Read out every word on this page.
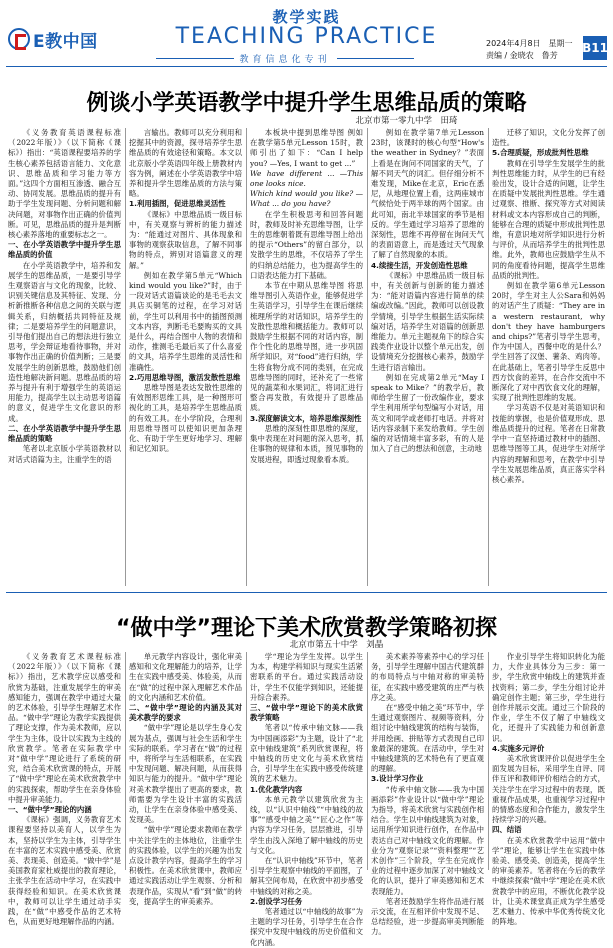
E教中国
教学实践
TEACHING PRACTICE
教育信息化专刊
2024年4月8日　星期一
责编 / 金晓农　鲁芳
B11
例谈小学英语教学中提升学生思维品质的策略
北京市第一零九中学　田琦

《义务教育英语课程标准（2022年版）》（以下简称《课标》）指出：“英语课程要培养的学生核心素养包括语言能力、文化意识、思维品质和学习能力等方面。”这四个方面相互渗透、融合互动、协同发展。思维品质的提升有助于学生发现问题、分析问题和解决问题，对事物作出正确的价值判断。可见，思维品质的提升是判断核心素养落地的重要标志之一。

一、在小学英语教学中提升学生思维品质的价值

在小学英语教学中，培养和发展学生的思维品质，一是要引导学生观察语言与文化的现象，比较、识别关键信息及其特征、发现、分析新推断各种信息之间的关联与逻辑关系，归纳概括共同特征及规律；二是要培养学生的问题意识，引导他们提出自己的想法进行独立思考，学会辩证地看待事物，并对事物作出正确的价值判断；三是要发展学生的创新思维，鼓励他们创造性地解决新问题。思维品质的培养与提升有利于增强学生的英语运用能力，提高学生以主动思考语篇的意义，促进学生文化意识的形成。

二、在小学英语教学中提升学生思维品质的策略

笔者以北京版小学英语教材以对话式语篇为主，注重学生的语

言输出。教师可以充分利用和挖掘其中的资源，探寻培养学生思维品质的有效途径和策略。本文以北京版小学英语四年级上册教材内容为例，阐述在小学英语教学中培养和提升学生思维品质的方法与策略。

1.利用插图，促进思维灵活性

《课标》中思维品质一级目标中，有关观察与辨析的能力描述为：“能通过对图片、具体现象和事物的观察获取信息，了解不同事物的特点，辨别对语篇意义的理解。”

例如在教学第5单元“Which kind would you like?”时，由于一段对话式语篇谈论的是毛毛去文具店买铜笔的过程，在学习对话前，学生可以利用书中的插图预测文本内容，判断毛毛要购买的文具是什么，再结合图中人物的表情和动作，推测毛毛最后买了什么喜爱的文具，培养学生思维的灵活性和准确性。

2.巧用思维导图，激活发散性思维

思维导图是表达发散性思维的有效图形思维工具，是一种图形可视化的工具，是培养学生思维品质的有效工具。在小学阶段，合理利用思维导图可以使知识更加条理化、有助于学生更好地学习、理解和记忆知识。

本板块中提到思维导图 例如在教学第5单元Lesson 15时，教师引出了如下：“Can I help you? —Yes, I want to get ...”

We have different ... —This one looks nice.

Which kind would you like? —What ... do you have?

在学生积极思考和回答问题时，教师及时补充思维导图，让学生的思维朝着既有思维导图上给出的提示“Others”的留白部分，以发散学生的思维，不仅培养了学生的归纳总结能力，也为提高学生的口语表达能力打下基础。

本节在中期从思维导图 将思维导图引入英语作业，能够促进学生英语学习，引导学生在课后继续梳理所学的对话知识，培养学生的发散性思维和概括能力。教师可以鼓励学生根据不同的对话内容，制作个性化的思维导图，进一步巩固所学知识，对“food”进行归纳，学生将食物分成不同的类别，在完成思维导图的同时，还补充了一些常见的蔬菜和水果词汇，将词汇进行整合再发散，有效提升了思维品质。

3.深度解读文本，培养思维深刻性

思维的深刻性即思维的深度，集中表现在对问题的深入思考，抓住事物的规律和本质，预见事物的发展进程，即透过现象看本质。

例如在教学第7单元Lesson 23时，该课时的核心句型“How's the weather in Sydney？”表面上看是在询问不同国家的天气，了解不同天气的词汇。但仔细分析不难发现，Mike在北京，Eric在悉尼，从地理位置上看，这两座城市气候恰处于两半球的两个国家。由此可知，南北半球国家的季节是相反的。学生通过学习培养了思维的深刻性，思维不再停留在询问天气的表面语意上，而是透过天气现象了解了自然现象的本质。

4.续接生活，开发创造性思维

《课标》中思维品质一级目标中，有关创新与创新的能力描述为：“能对语篇内容进行简单的续编或改编。”因此，教师可以创设教学情境，引导学生根据生活实际续编对话，培养学生对语篇的创新思维能力。单元主题视角下的综合实践类作业设计以整个单元出发，创设情境充分挖掘核心素养，鼓励学生进行语言输出。

例如在完成第2单元“May I speak to Mike？”的教学后，教师给学生留了一份改编作业，要求学生利用所学句型编写小对话，用英文和同学或老师打电话。并将对话内容录制下来发给教师。学生创编的对话情境丰富多彩，有的人是加入了自己的想法和创意，主动地

迁移了知识，文化分发挥了创造性。

5.合理质疑，形成批判性思维

教师在引导学生发展学生的批判性思维能力时，从学生的已有经验出发，设计合适的问题，让学生在质疑中发展批判性思维。学生通过观察、推断、探究等方式对阅读材料或文本内容形成自己的判断，能够在合理的质疑中形成批判性思维，有意识地对所学知识进行分析与评价，从而培养学生的批判性思维。此外，教师也应鼓励学生从不同的角度看待问题，提高学生思维品质的批判性。

例如在教学第6单元Lesson 20时，学生对主人公Sara和妈妈的对话产生了质疑：“They are in a western restaurant, why don't they have hamburgers and chips?”笔者引导学生思考，作为中国人，西餐中吃的是什么？学生回答了汉堡、薯条、鸡肉等。在此基础上，笔者引导学生反思中西方饮食的差异，在合作交流中不断深化了对中西饮食文化的理解，实现了批判性思维的发展。

学习英语不仅是对英语知识和技能的掌握，也是价值观形成、思维品质提升的过程。笔者在日常教学中一直坚持通过教材中的插图、思维导图等工具，促进学生对所学内容的理解和思考，在教学中引导学生发展思维品质，真正落实学科核心素养。

“做中学”理论下美术欣赏教学策略初探
北京市第五十中学　刘晶

《义务教育艺术课程标准（2022年版）》（以下简称《课标》）指出，艺术教学应以感受和欣赏为基础，注重发展学生的审美感知能力，强调在教学中通过大量的艺术体验，引导学生理解艺术作品。“做中学”理论为教学实践提供了理论支撑，作为美术教师，应以学生为主体，设计以实践为主线的欣赏教学。笔者在实际教学中对“做中学”理论进行了系统的研究，结合美术欣赏课的特点，开展了“做中学”理论在美术欣赏教学中的实践探索，帮助学生在亲身体验中提升审美能力。

一、“做中学”理论的内涵

《课标》强调，义务教育艺术课程要坚持以美育人，以学生为本，坚持以学生为主体，引导学生在丰富的艺术实践中感受美、欣赏美、表现美、创造美。“做中学”是美国教育家杜威提出的教育理论，主张学生在活动中学习，在实践中获得经验和知识。在美术欣赏课中，教师可以让学生通过动手实践，在“做”中感受作品的艺术特色，从而更好地理解作品的内涵。

单元教学内容设计，强化审美感知和文化理解能力的培养，让学生在实践中感受美、体验美，从而在“做”的过程中深入理解艺术作品的文化内涵和艺术价值。

二、“做中学”理论的内涵及其对美术教学的要求

“做中学”理论是以学生身心发展为基点，强调与社会生活和学生实际的联系。学习者在“做”的过程中，将所学与生活相联系，在实践中发现问题、解决问题，从而获得知识与能力的提升。“做中学”理论对美术教学提出了更高的要求，教师需要为学生设计丰富的实践活动，让学生在亲身体验中感受美、发现美。

“做中学”理论要求教师在教学中关注学生的主体地位，注重学生的实践体验，以学生的兴趣为出发点设计教学内容，提高学生的学习积极性。在美术欣赏课中，教师应通过实践活动让学生观察、分析和表现作品，实现从“看”到“做”的转变，提高学生的审美素养。

学“理论为学生发挥。以学生为本，构建学科知识与现实生活紧密联系的平台。通过实践活动设计，学生不仅能学到知识，还能提升综合素养。

三、“做中学”理论下的美术欣赏教学策略

笔者以“传承中轴文脉——我为中国画添彩”为主题，设计了“北京中轴线建筑”系列欣赏课程，将中轴线的历史文化与美术欣赏结合，引导学生在实践中感受传统建筑的艺术魅力。

1.优化教学内容

本单元教学以建筑欣赏为主线，以“认识中轴线”“中轴线的故事”“感受中轴之美”“匠心之作”等内容为学习任务，层层推进，引导学生由浅入深地了解中轴线的历史与文化。

在“认识中轴线”环节中，笔者引导学生观察中轴线的平面图，了解其空间布局，在欣赏中初步感受中轴线的对称之美。

2.创设学习任务

笔者通过以“中轴线的故事”为主题的学习任务，引导学生在合作探究中发现中轴线的历史价值和文化内涵。

美术素养等素养中心的学习任务，引导学生理解中国古代建筑群的布局特点与中轴对称的审美特征，在实践中感受建筑的庄严与秩序之美。

在“感受中轴之美”环节中，学生通过观察图片、视频等资料，分组讨论中轴线建筑的结构与装饰，并用绘画、拼贴等方式表现自己印象最深的建筑。在活动中，学生对中轴线建筑的艺术特色有了更直观的理解。

3.设计学习作业

“传承中轴文脉——我为中国画添彩”作业设计以“做中学”理论为指导，将美术欣赏与实践创作相结合。学生以中轴线建筑为对象，运用所学知识进行创作，在作品中表达自己对中轴线文化的理解。作业分为“观察记录”“资料整理”“艺术创作”三个阶段，学生在完成作业的过程中逐步加深了对中轴线文化的认识，提升了审美感知和艺术表现能力。

笔者还鼓励学生将作品进行展示交流，在互相评价中发现不足、总结经验，进一步提高审美判断能力。

作业引导学生将知识转化为能力，大作业具体分为三步：第一步，学生欣赏中轴线上的建筑并查找资料；第二步，学生分组讨论并确定创作主题；第三步，学生进行创作并展示交流。通过三个阶段的作业，学生不仅了解了中轴线文化，还提升了实践能力和创新意识。

4.实施多元评价

美术欣赏课评价以促进学生全面发展为目标，采用学生自评、同伴互评和教师评价相结合的方式，关注学生在学习过程中的表现，既重视作品成果，也重视学习过程中的情感态度和合作能力，激发学生持续学习的兴趣。

四、结语

在美术欣赏教学中运用“做中学”理论，能够让学生在实践中体验美、感受美、创造美，提高学生的审美素养。笔者将在今后的教学中继续探索“做中学”理论在美术欣赏教学中的应用，不断优化教学设计，让美术课堂真正成为学生感受艺术魅力、传承中华优秀传统文化的阵地。
